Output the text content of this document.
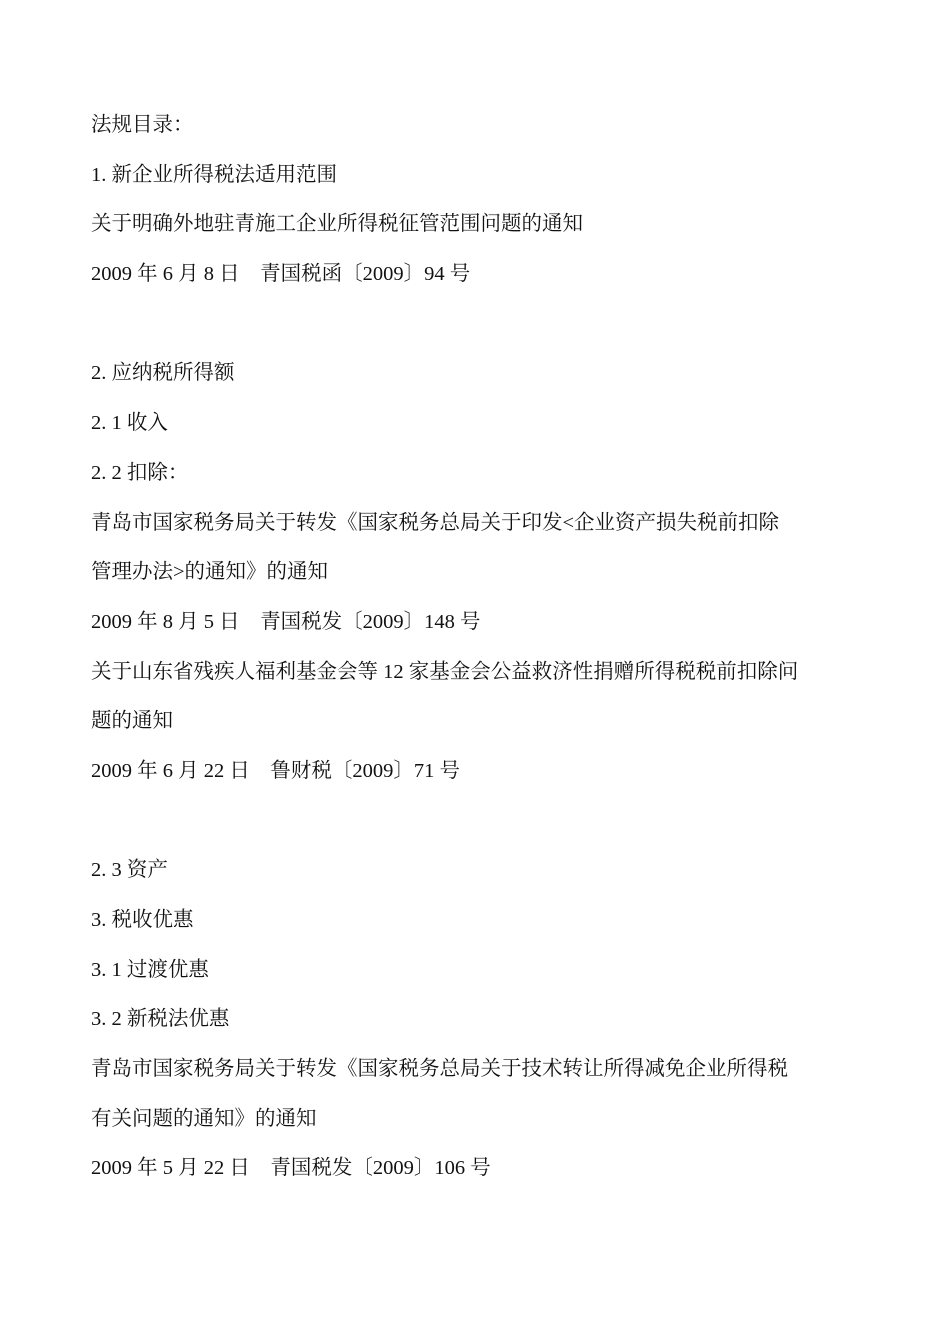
法规目录：
1. 新企业所得税法适用范围
关于明确外地驻青施工企业所得税征管范围问题的通知
2009 年 6 月 8 日　青国税函〔2009〕94 号
2. 应纳税所得额
2. 1 收入
2. 2 扣除：
青岛市国家税务局关于转发《国家税务总局关于印发<企业资产损失税前扣除
管理办法>的通知》的通知
2009 年 8 月 5 日　青国税发〔2009〕148 号
关于山东省残疾人福利基金会等 12 家基金会公益救济性捐赠所得税税前扣除问
题的通知
2009 年 6 月 22 日　鲁财税〔2009〕71 号
2. 3 资产
3. 税收优惠
3. 1 过渡优惠
3. 2 新税法优惠
青岛市国家税务局关于转发《国家税务总局关于技术转让所得减免企业所得税
有关问题的通知》的通知
2009 年 5 月 22 日　青国税发〔2009〕106 号
